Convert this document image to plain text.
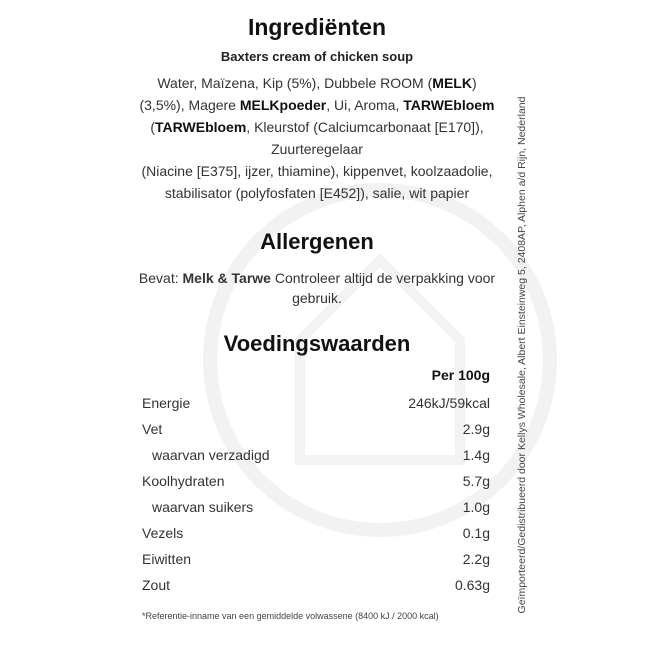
Ingrediënten
Baxters cream of chicken soup
Water, Maïzena, Kip (5%), Dubbele ROOM (MELK) (3,5%), Magere MELKpoeder, Ui, Aroma, TARWEbloem (TARWEbloem, Kleurstof (Calciumcarbonaat [E170]),
Zuurteregelaar
(Niacine [E375], ijzer, thiamine), kippenvet, koolzaadolie, stabilisator (polyfosfaten [E452]), salie, wit papier
Allergenen
Bevat: Melk & Tarwe Controleer altijd de verpakking voor gebruik.
Voedingswaarden
Per 100g
Energie	246kJ/59kcal
Vet	2.9g
waarvan verzadigd	1.4g
Koolhydraten	5.7g
waarvan suikers	1.0g
Vezels	0.1g
Eiwitten	2.2g
Zout	0.63g
*Referentie-inname van een gemiddelde volwassene (8400 kJ / 2000 kcal)
Geïmporteerd/Gedistribueerd door Kellys Wholesale, Albert Einsteinweg 5, 2408AP, Alphen a/d Rijn, Nederland
